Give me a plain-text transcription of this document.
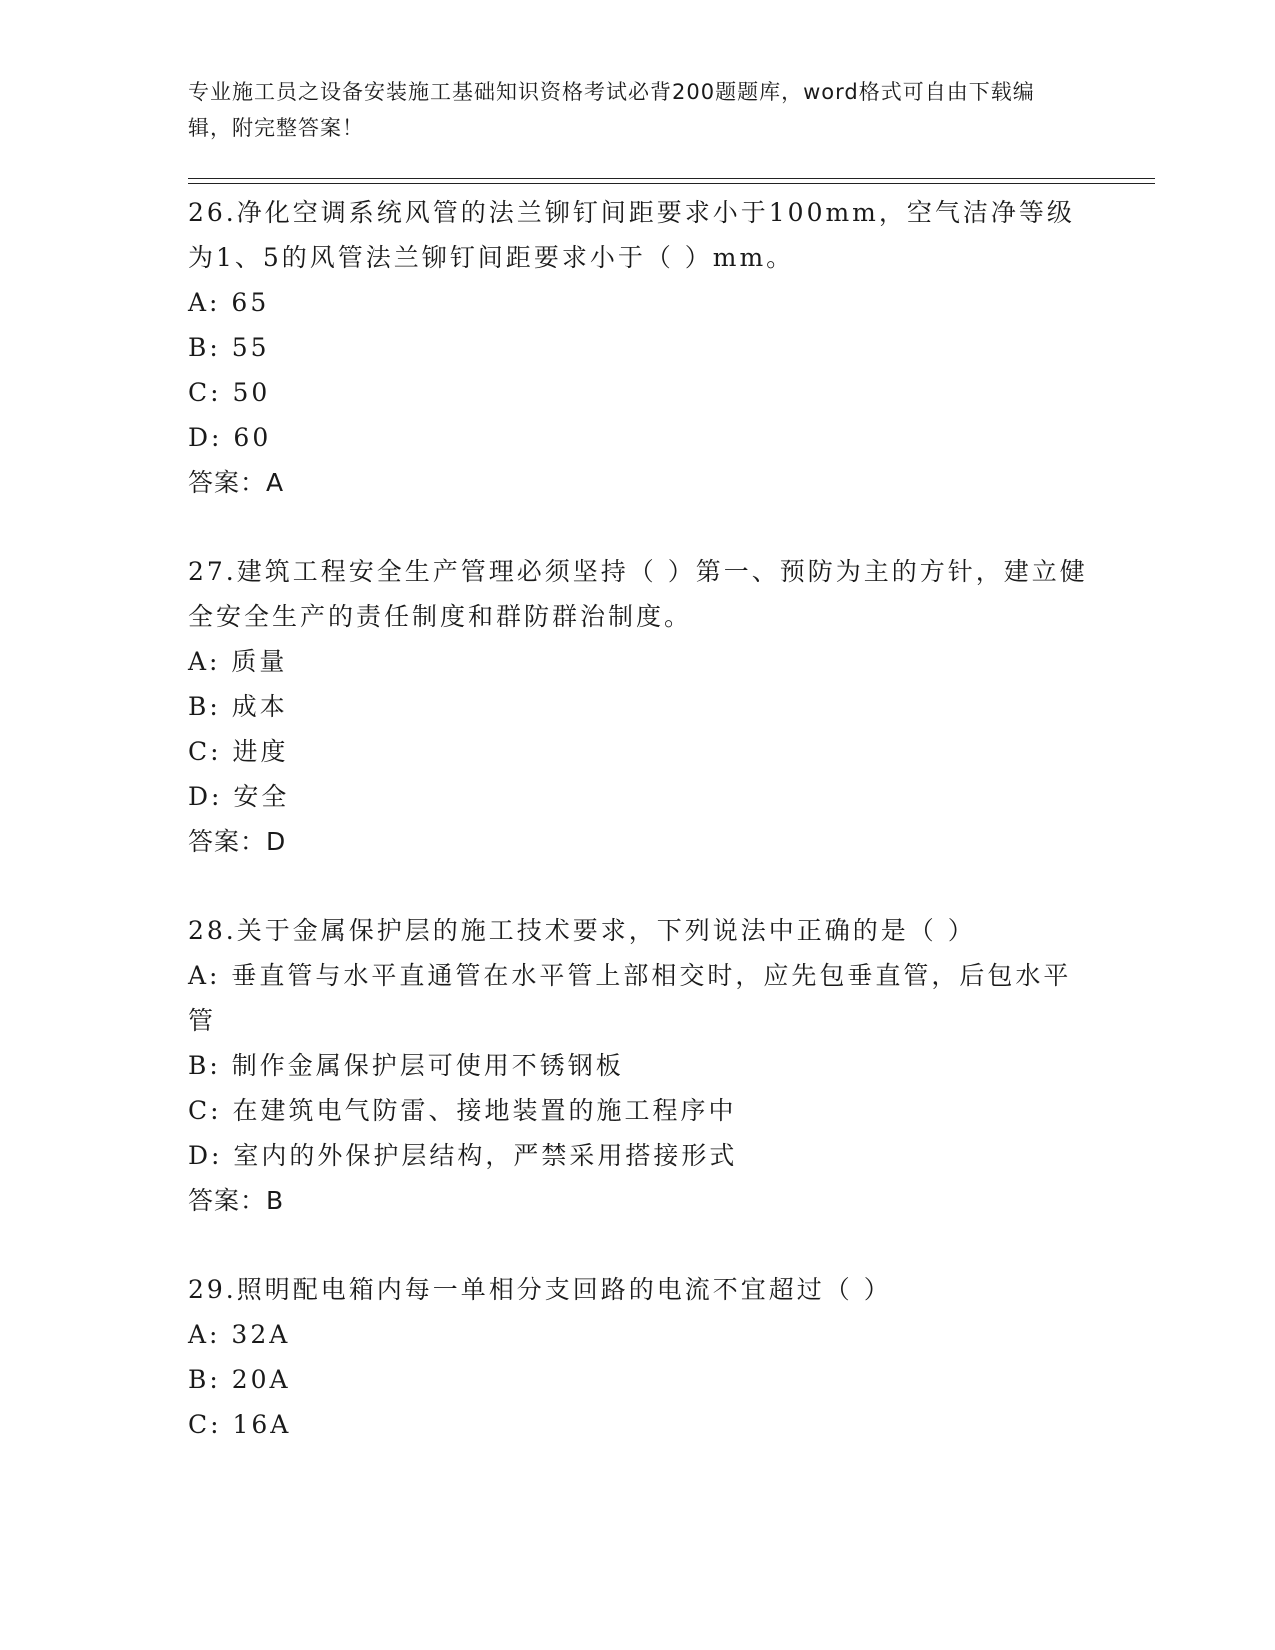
专业施工员之设备安装施工基础知识资格考试必背200题题库，word格式可自由下载编辑，附完整答案！
26.净化空调系统风管的法兰铆钉间距要求小于100mm，空气洁净等级为1、5的风管法兰铆钉间距要求小于（ ）mm。
A: 65
B: 55
C: 50
D: 60
答案：A
27.建筑工程安全生产管理必须坚持（ ）第一、预防为主的方针，建立健全安全生产的责任制度和群防群治制度。
A: 质量
B: 成本
C: 进度
D: 安全
答案：D
28.关于金属保护层的施工技术要求，下列说法中正确的是（ ）
A: 垂直管与水平直通管在水平管上部相交时，应先包垂直管，后包水平管
B: 制作金属保护层可使用不锈钢板
C: 在建筑电气防雷、接地装置的施工程序中
D: 室内的外保护层结构，严禁采用搭接形式
答案：B
29.照明配电箱内每一单相分支回路的电流不宜超过（ ）
A: 32A
B: 20A
C: 16A
